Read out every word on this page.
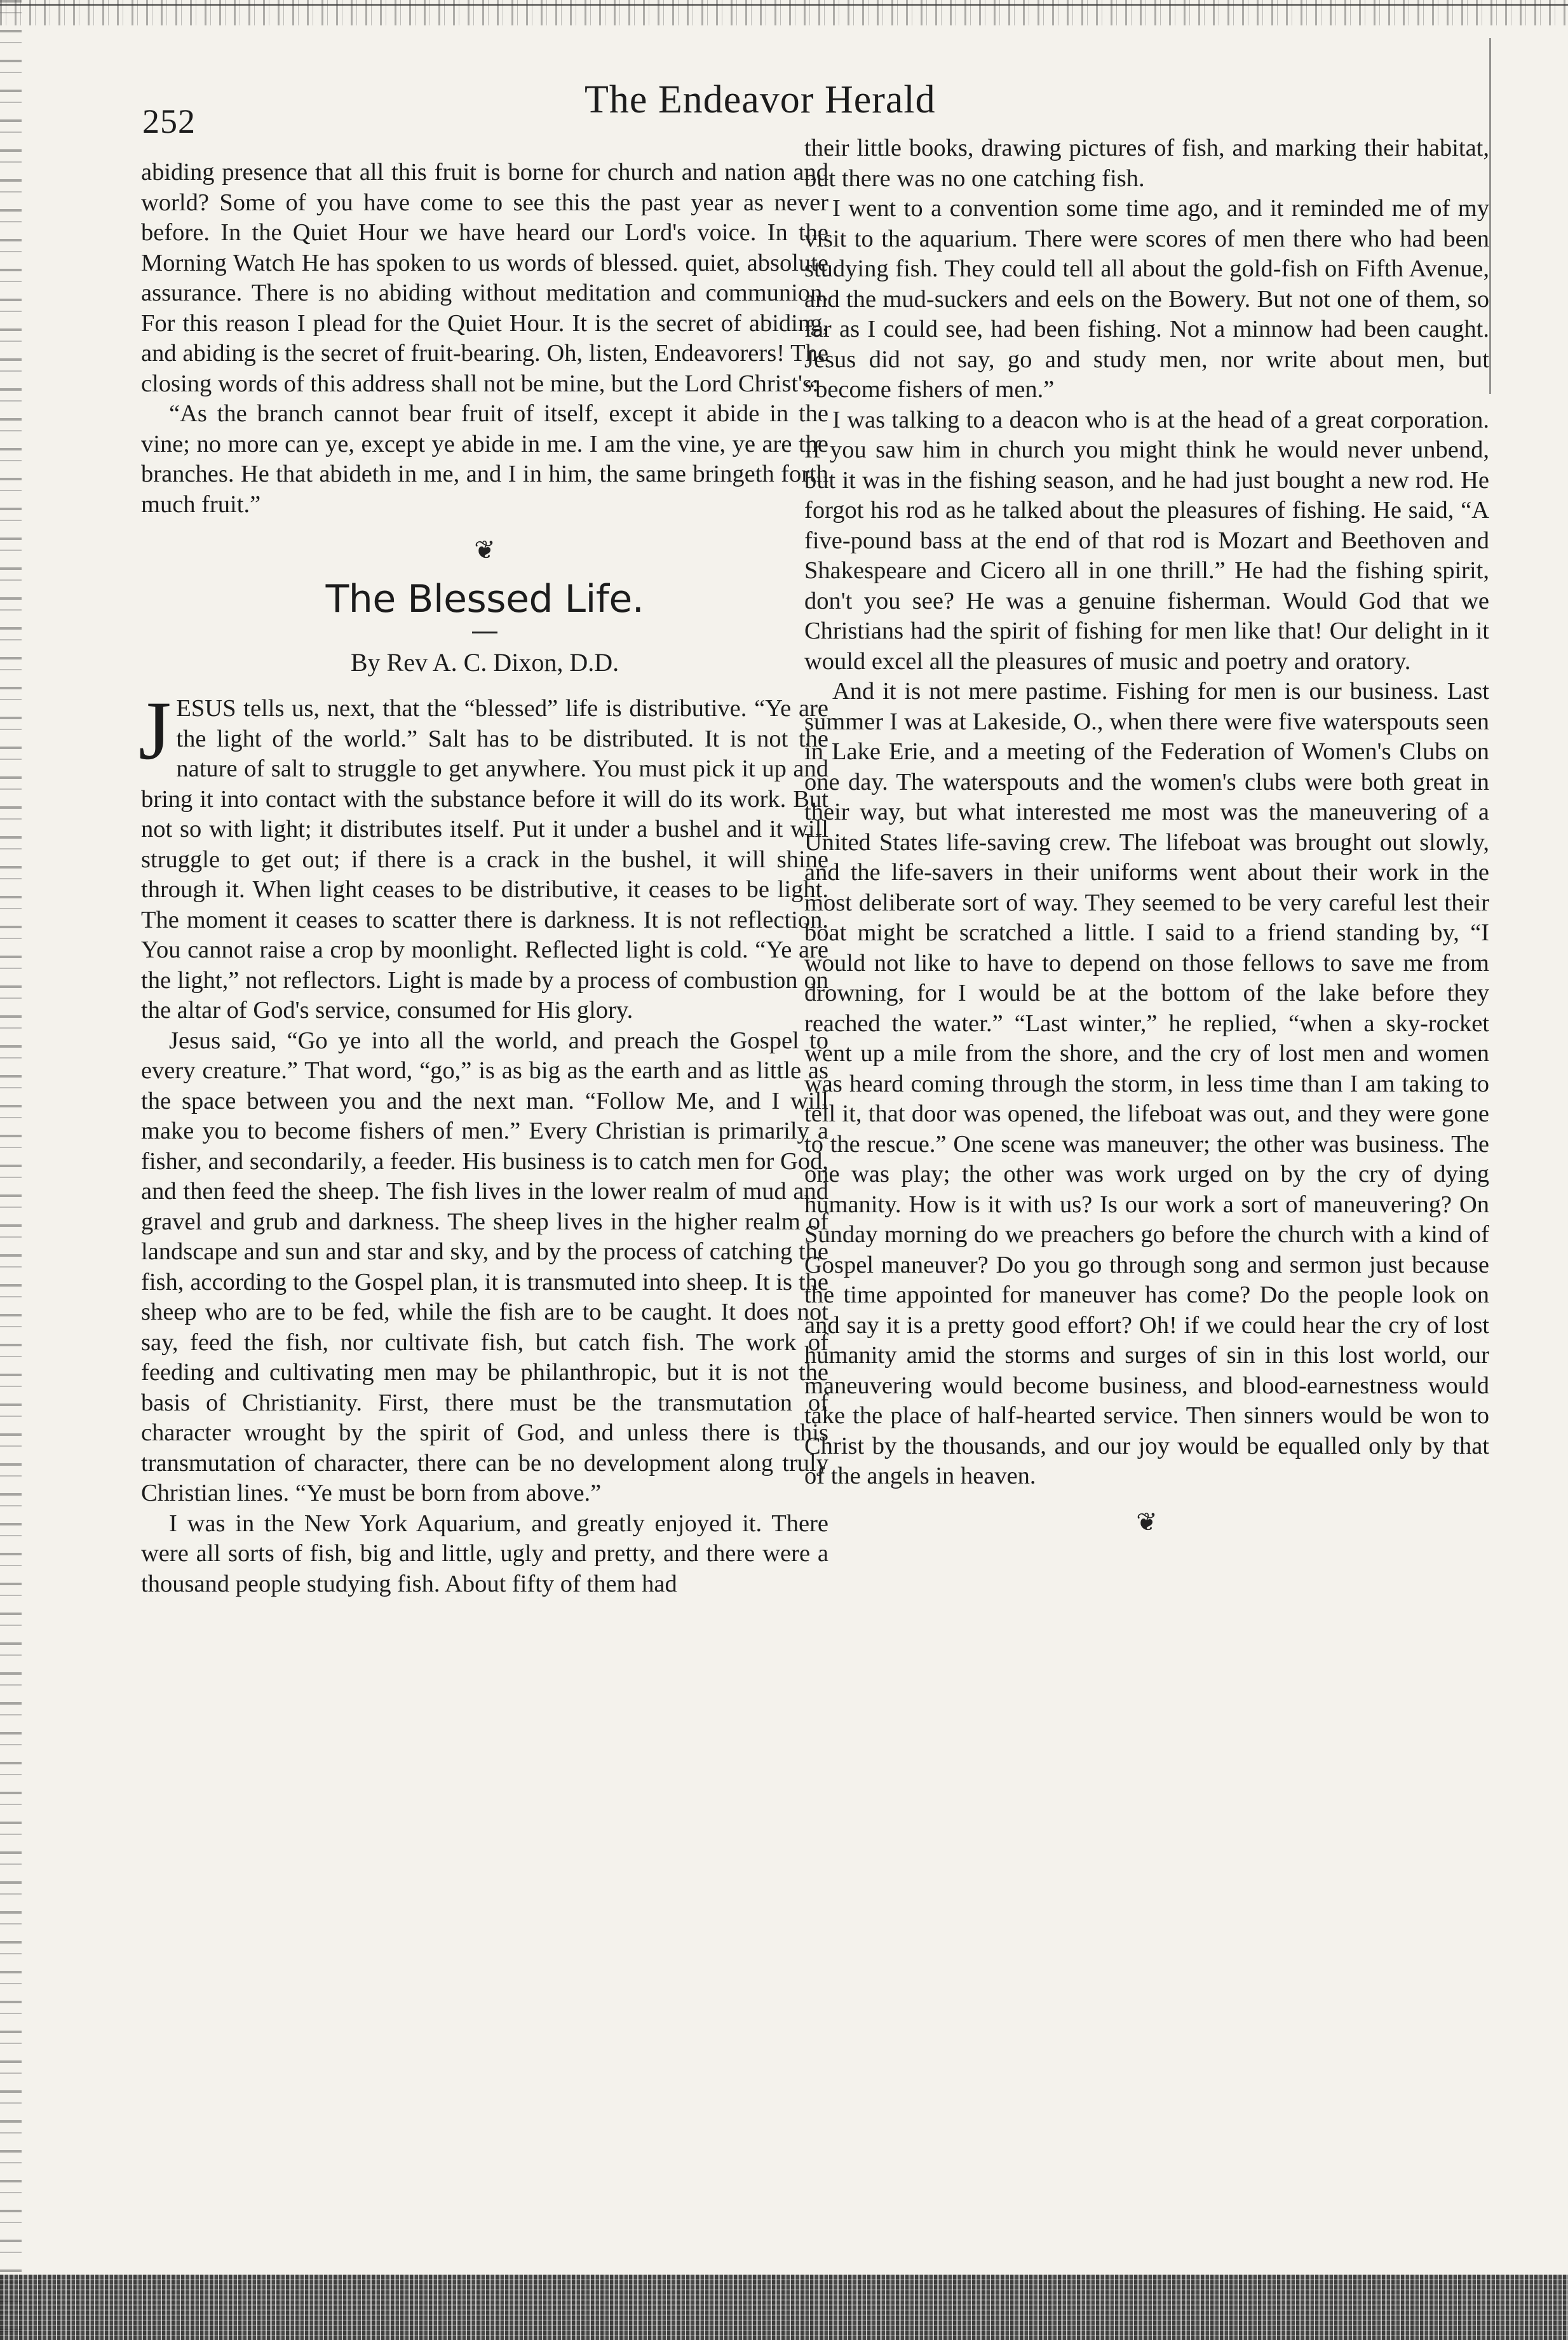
252	The Endeavor Herald

abiding presence that all this fruit is borne for church and nation and world? Some of you have come to see this the past year as never before. In the Quiet Hour we have heard our Lord's voice. In the Morning Watch He has spoken to us words of blessed. quiet, absolute assurance. There is no abiding without meditation and communion. For this reason I plead for the Quiet Hour. It is the secret of abiding, and abiding is the secret of fruit-bearing. Oh, listen, Endeavorers! The closing words of this address shall not be mine, but the Lord Christ's:

“As the branch cannot bear fruit of itself, except it abide in the vine; no more can ye, except ye abide in me. I am the vine, ye are the branches. He that abideth in me, and I in him, the same bringeth forth much fruit.”

❦
The Blessed Life.
By Rev A. C. Dixon, D.D.

JESUS tells us, next, that the “blessed” life is distributive. “Ye are the light of the world.” Salt has to be distributed. It is not the nature of salt to struggle to get anywhere. You must pick it up and bring it into contact with the substance before it will do its work. But not so with light; it distributes itself. Put it under a bushel and it will struggle to get out; if there is a crack in the bushel, it will shine through it. When light ceases to be distributive, it ceases to be light. The moment it ceases to scatter there is darkness. It is not reflection. You cannot raise a crop by moonlight. Reflected light is cold. “Ye are the light,” not reflectors. Light is made by a process of combustion on the altar of God's service, consumed for His glory.

Jesus said, “Go ye into all the world, and preach the Gospel to every creature.” That word, “go,” is as big as the earth and as little as the space between you and the next man. “Follow Me, and I will make you to become fishers of men.” Every Christian is primarily a fisher, and secondarily, a feeder. His business is to catch men for God, and then feed the sheep. The fish lives in the lower realm of mud and gravel and grub and darkness. The sheep lives in the higher realm of landscape and sun and star and sky, and by the process of catching the fish, according to the Gospel plan, it is transmuted into sheep. It is the sheep who are to be fed, while the fish are to be caught. It does not say, feed the fish, nor cultivate fish, but catch fish. The work of feeding and cultivating men may be philanthropic, but it is not the basis of Christianity. First, there must be the transmutation of character wrought by the spirit of God, and unless there is this transmutation of character, there can be no development along truly Christian lines. “Ye must be born from above.”

I was in the New York Aquarium, and greatly enjoyed it. There were all sorts of fish, big and little, ugly and pretty, and there were a thousand people studying fish. About fifty of them had

their little books, drawing pictures of fish, and marking their habitat, but there was no one catching fish.

I went to a convention some time ago, and it reminded me of my visit to the aquarium. There were scores of men there who had been studying fish. They could tell all about the gold-fish on Fifth Avenue, and the mud-suckers and eels on the Bowery. But not one of them, so far as I could see, had been fishing. Not a minnow had been caught. Jesus did not say, go and study men, nor write about men, but “become fishers of men.”

I was talking to a deacon who is at the head of a great corporation. If you saw him in church you might think he would never unbend, but it was in the fishing season, and he had just bought a new rod. He forgot his rod as he talked about the pleasures of fishing. He said, “A five-pound bass at the end of that rod is Mozart and Beethoven and Shakespeare and Cicero all in one thrill.” He had the fishing spirit, don't you see? He was a genuine fisherman. Would God that we Christians had the spirit of fishing for men like that! Our delight in it would excel all the pleasures of music and poetry and oratory.

And it is not mere pastime. Fishing for men is our business. Last summer I was at Lakeside, O., when there were five waterspouts seen in Lake Erie, and a meeting of the Federation of Women's Clubs on one day. The waterspouts and the women's clubs were both great in their way, but what interested me most was the maneuvering of a United States life-saving crew. The lifeboat was brought out slowly, and the life-savers in their uniforms went about their work in the most deliberate sort of way. They seemed to be very careful lest their boat might be scratched a little. I said to a friend standing by, “I would not like to have to depend on those fellows to save me from drowning, for I would be at the bottom of the lake before they reached the water.” “Last winter,” he replied, “when a sky-rocket went up a mile from the shore, and the cry of lost men and women was heard coming through the storm, in less time than I am taking to tell it, that door was opened, the lifeboat was out, and they were gone to the rescue.” One scene was maneuver; the other was business. The one was play; the other was work urged on by the cry of dying humanity. How is it with us? Is our work a sort of maneuvering? On Sunday morning do we preachers go before the church with a kind of Gospel maneuver? Do you go through song and sermon just because the time appointed for maneuver has come? Do the people look on and say it is a pretty good effort? Oh! if we could hear the cry of lost humanity amid the storms and surges of sin in this lost world, our maneuvering would become business, and blood-earnestness would take the place of half-hearted service. Then sinners would be won to Christ by the thousands, and our joy would be equalled only by that of the angels in heaven.

❦
